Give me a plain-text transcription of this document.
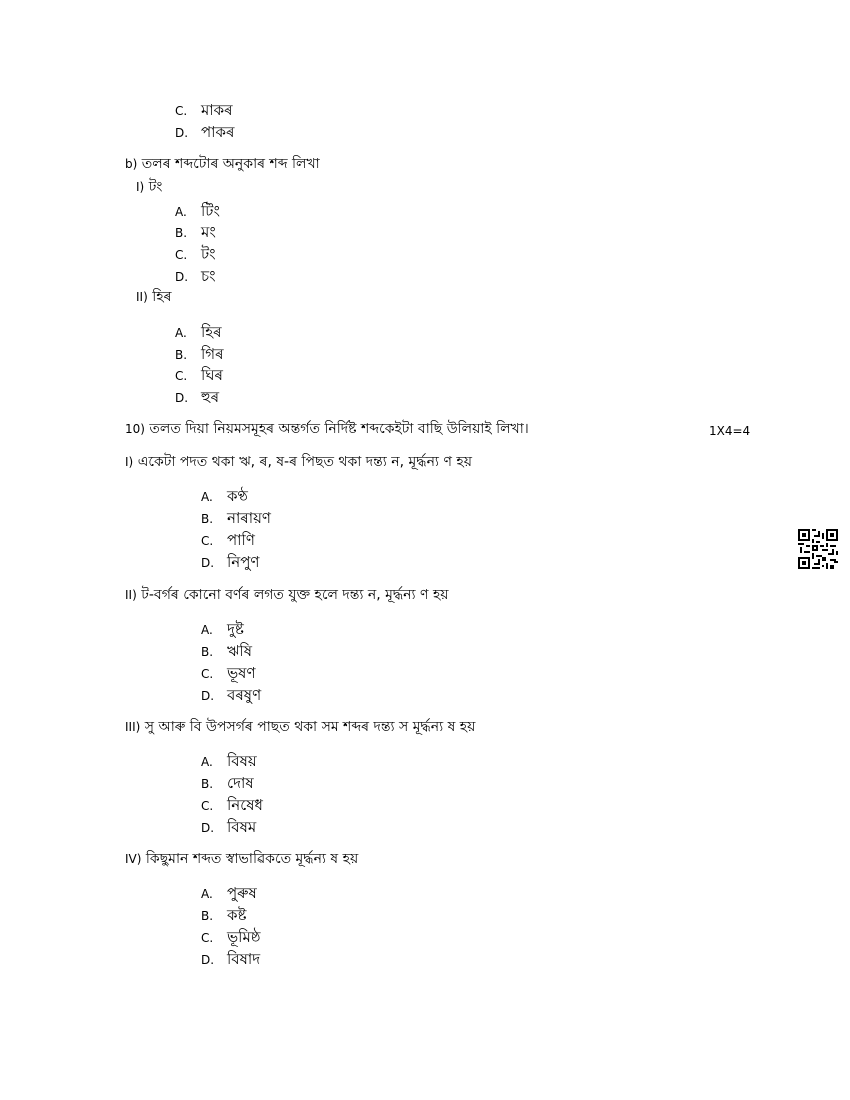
C. মাকৰ
D. পাকৰ
b) তলৰ শব্দটোৰ অনুকাৰ শব্দ লিখা
I) টং
A. টিং
B. মং
C. টং
D. চং
II) হিৰ
A. হিৰ
B. গিৰ
C. ঘিৰ
D. হুৰ
10) তলত দিয়া নিয়মসমূহৰ অন্তৰ্গত নিৰ্দিষ্ট শব্দকেইটা বাছি উলিয়াই লিখা।	1X4=4
I) একেটা পদত থকা ঋ, ৰ, ষ-ৰ পিছত থকা দন্ত্য ন, মূৰ্দ্ধন্য ণ হয়
A. কণ্ঠ
B. নাৰায়ণ
C. পাণি
D. নিপুণ
II) ট-বৰ্গৰ কোনো বৰ্ণৰ লগত যুক্ত হলে দন্ত্য ন, মূৰ্দ্ধন্য ণ হয়
A. দুষ্ট
B. ঋষি
C. ভূষণ
D. বৰষুণ
III) সু আৰু বি উপসৰ্গৰ পাছত থকা সম শব্দৰ দন্ত্য স মূৰ্দ্ধন্য ষ হয়
A. বিষয়
B. দোষ
C. নিষেধ
D. বিষম
IV) কিছুমান শব্দত স্বাভাৱিকতে মূৰ্দ্ধন্য ষ হয়
A. পুৰুষ
B. কষ্ট
C. ভূমিষ্ঠ
D. বিষাদ
